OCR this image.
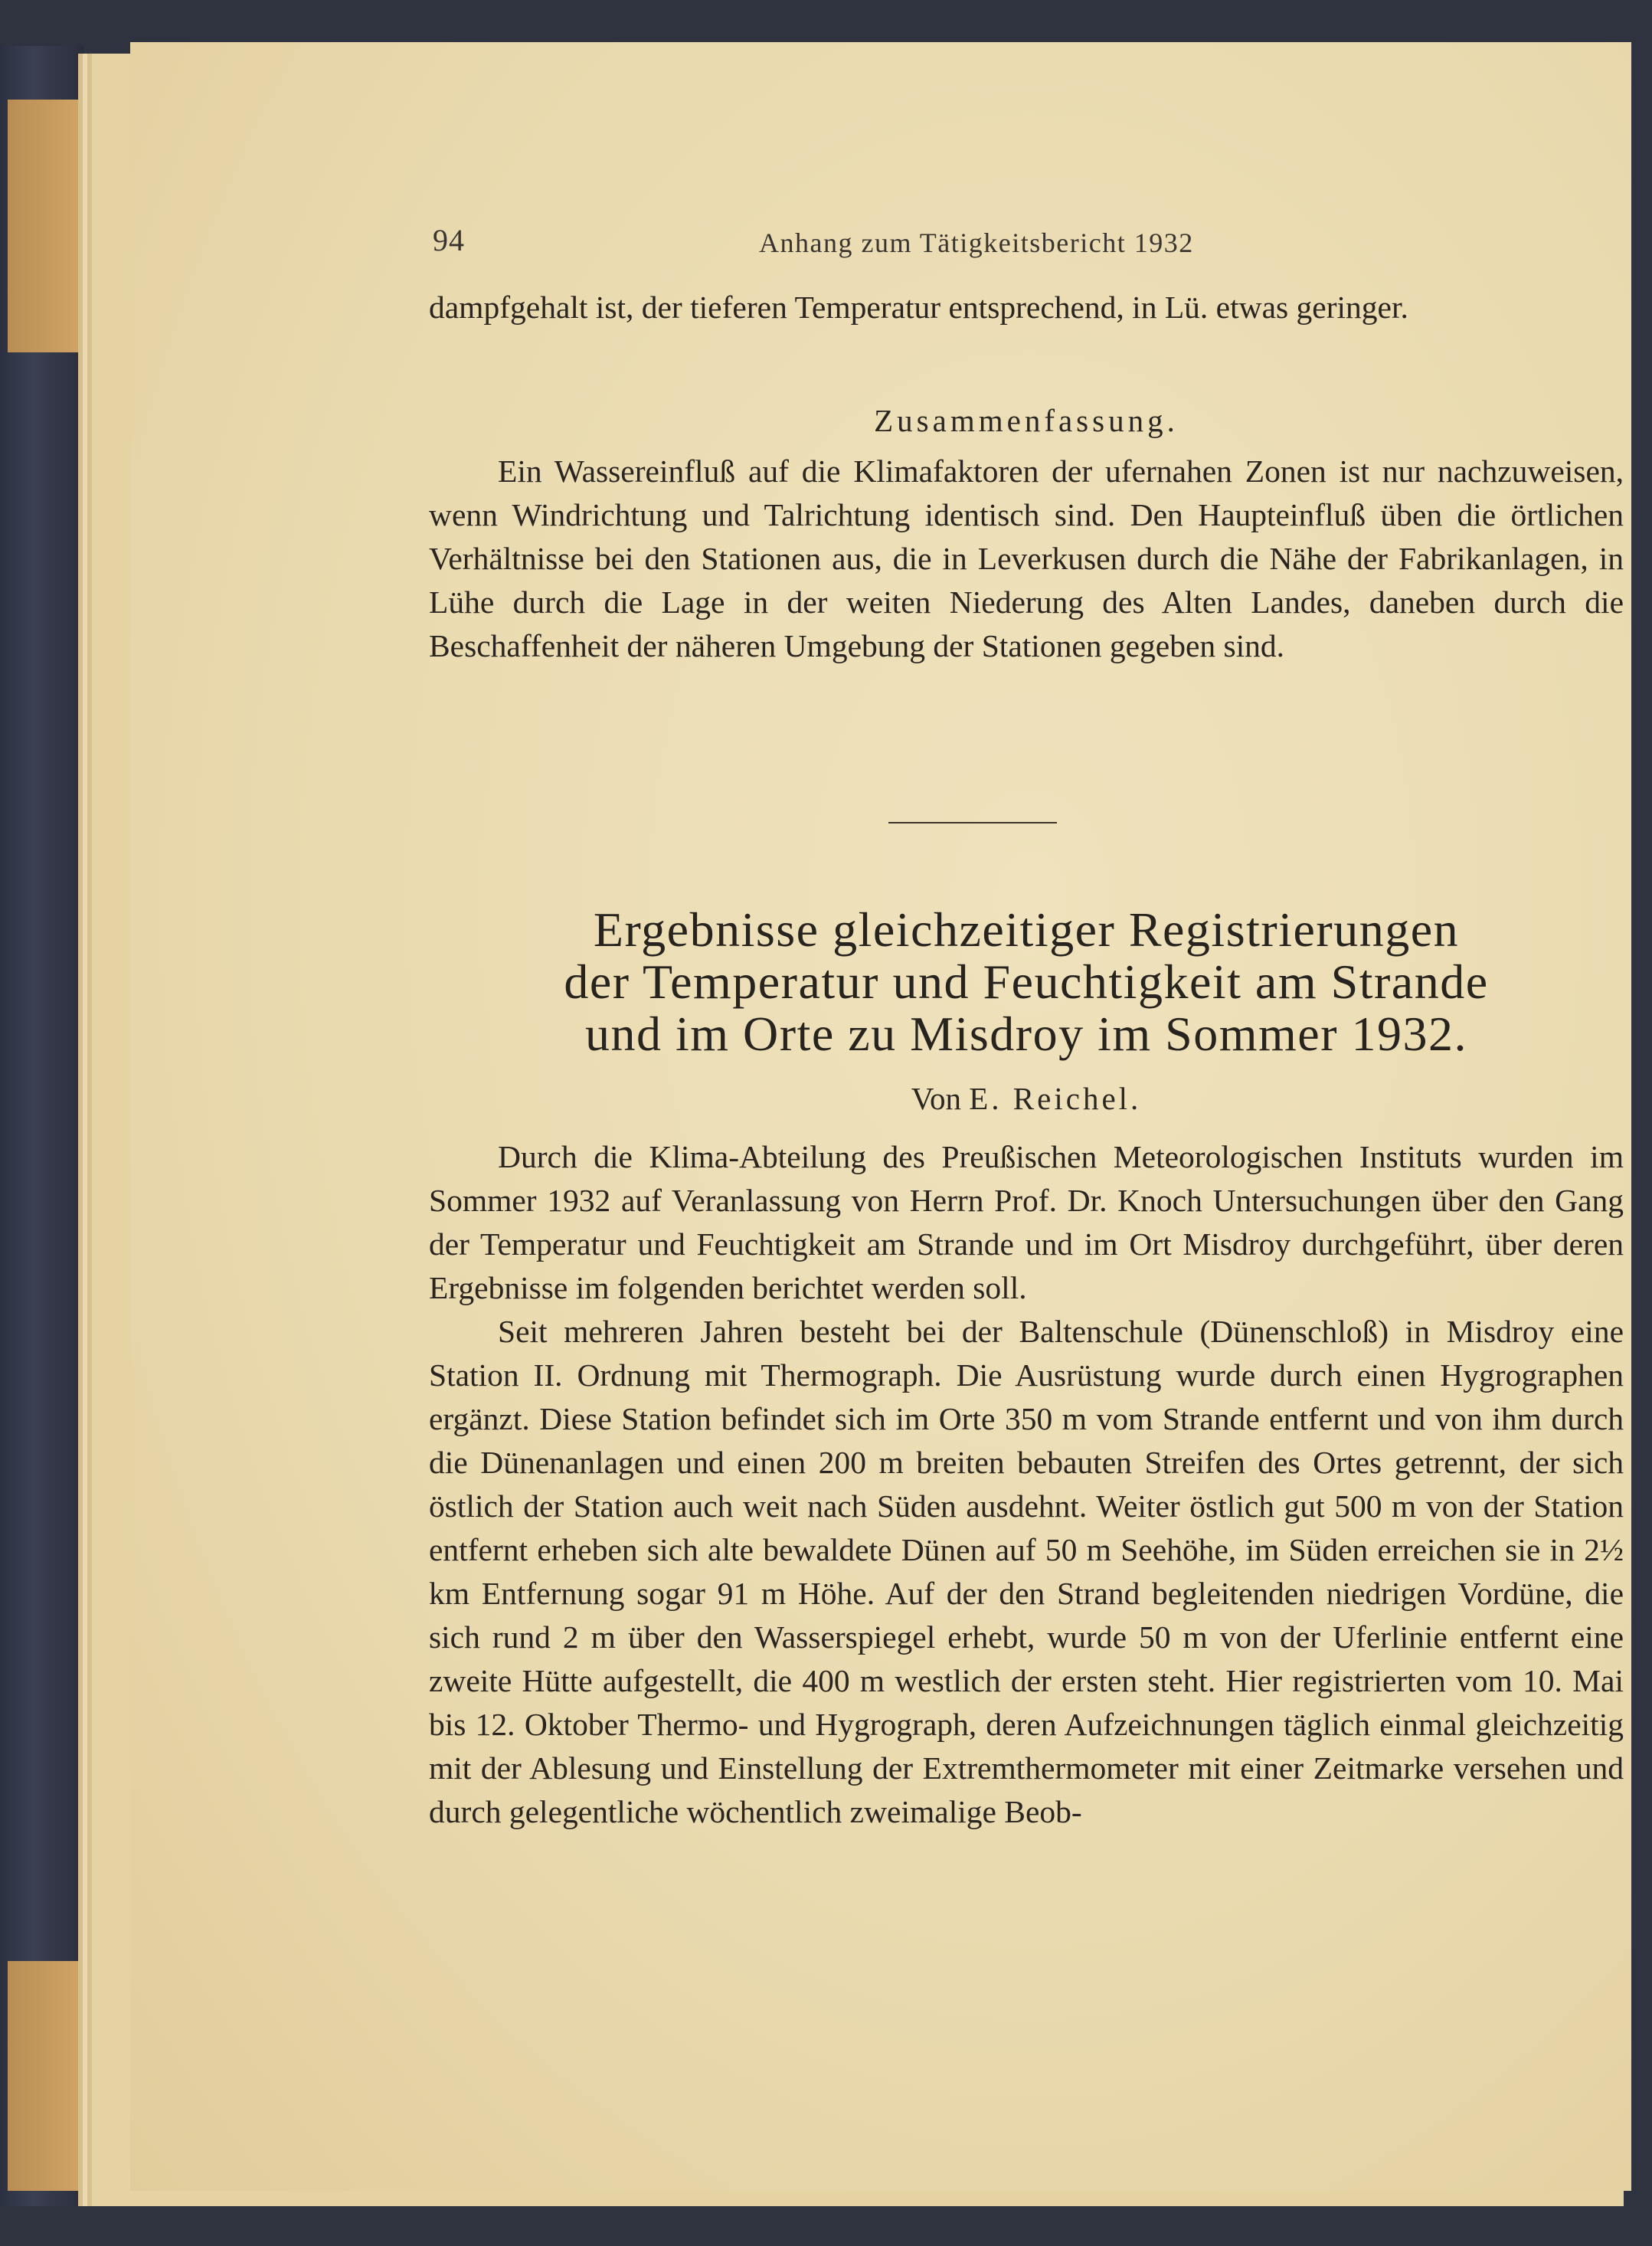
94	Anhang zum Tätigkeitsbericht 1932

dampfgehalt ist, der tieferen Temperatur entsprechend, in Lü. etwas geringer.

Zusammenfassung.

Ein Wassereinfluß auf die Klimafaktoren der ufernahen Zonen ist nur nachzuweisen, wenn Windrichtung und Talrichtung identisch sind. Den Haupteinfluß üben die örtlichen Verhältnisse bei den Stationen aus, die in Leverkusen durch die Nähe der Fabrikanlagen, in Lühe durch die Lage in der weiten Niederung des Alten Landes, daneben durch die Beschaffenheit der näheren Umgebung der Stationen gegeben sind.

Ergebnisse gleichzeitiger Registrierungen
der Temperatur und Feuchtigkeit am Strande
und im Orte zu Misdroy im Sommer 1932.
Von E. Reichel.

Durch die Klima-Abteilung des Preußischen Meteorologischen Instituts wurden im Sommer 1932 auf Veranlassung von Herrn Prof. Dr. Knoch Untersuchungen über den Gang der Temperatur und Feuchtigkeit am Strande und im Ort Misdroy durchgeführt, über deren Ergebnisse im folgenden berichtet werden soll.

Seit mehreren Jahren besteht bei der Baltenschule (Dünenschloß) in Misdroy eine Station II. Ordnung mit Thermograph. Die Ausrüstung wurde durch einen Hygrographen ergänzt. Diese Station befindet sich im Orte 350 m vom Strande entfernt und von ihm durch die Dünenanlagen und einen 200 m breiten bebauten Streifen des Ortes getrennt, der sich östlich der Station auch weit nach Süden ausdehnt. Weiter östlich gut 500 m von der Station entfernt erheben sich alte bewaldete Dünen auf 50 m Seehöhe, im Süden erreichen sie in 2½ km Entfernung sogar 91 m Höhe. Auf der den Strand begleitenden niedrigen Vordüne, die sich rund 2 m über den Wasserspiegel erhebt, wurde 50 m von der Uferlinie entfernt eine zweite Hütte aufgestellt, die 400 m westlich der ersten steht. Hier registrierten vom 10. Mai bis 12. Oktober Thermo- und Hygrograph, deren Aufzeichnungen täglich einmal gleichzeitig mit der Ablesung und Einstellung der Extremthermometer mit einer Zeitmarke versehen und durch gelegentliche wöchentlich zweimalige Beob-
